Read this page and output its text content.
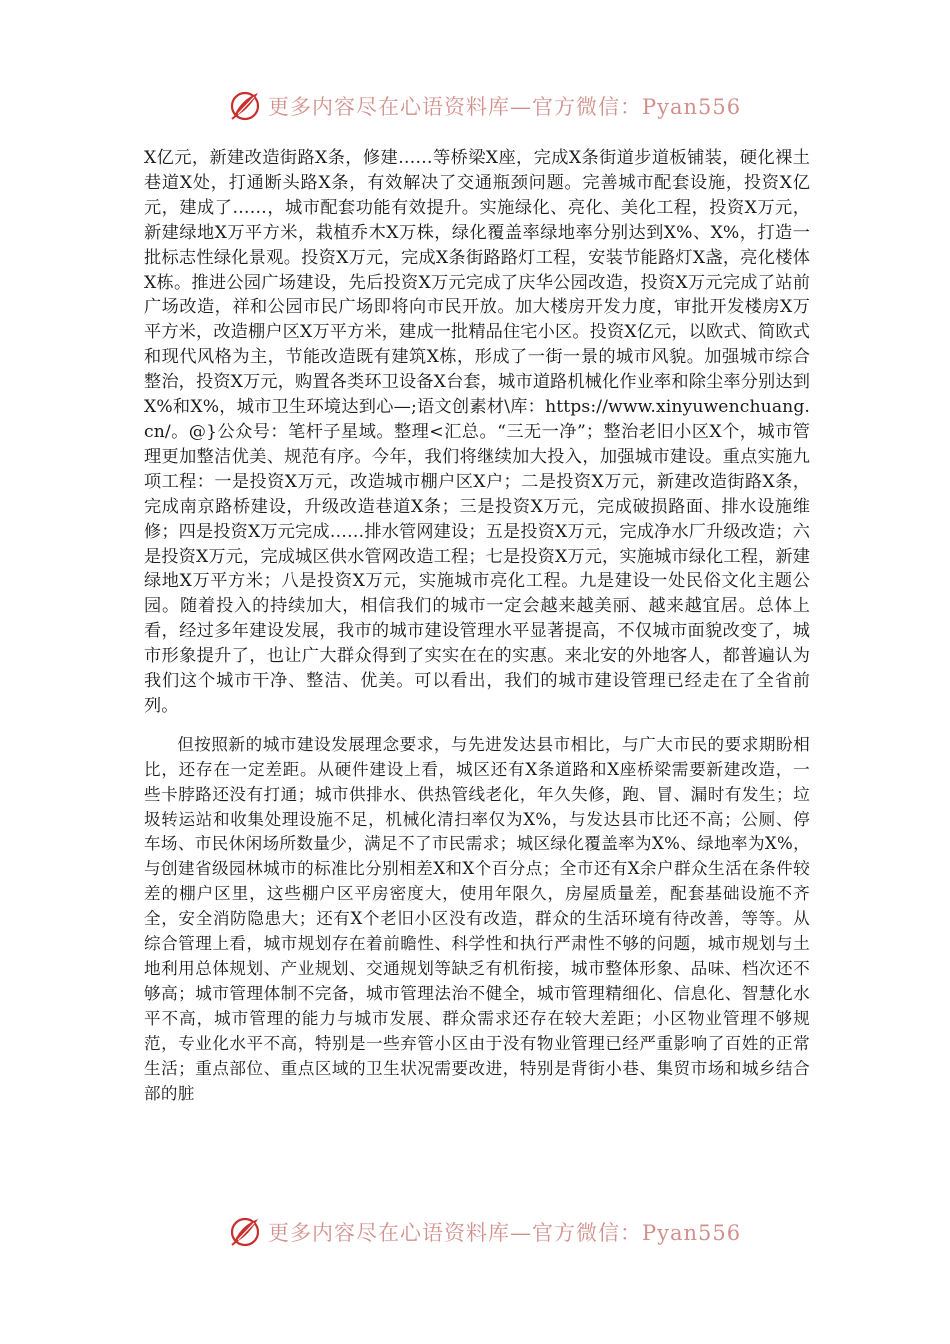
更多内容尽在心语资料库—官方微信：Pyan556

X亿元，新建改造街路X条，修建……等桥梁X座，完成X条街道步道板铺装，硬化裸土巷道X处，打通断头路X条，有效解决了交通瓶颈问题。完善城市配套设施，投资X亿元，建成了……，城市配套功能有效提升。实施绿化、亮化、美化工程，投资X万元，新建绿地X万平方米，栽植乔木X万株，绿化覆盖率绿地率分别达到X%、X%，打造一批标志性绿化景观。投资X万元，完成X条街路路灯工程，安装节能路灯X盏，亮化楼体X栋。推进公园广场建设，先后投资X万元完成了庆华公园改造，投资X万元完成了站前广场改造，祥和公园市民广场即将向市民开放。加大楼房开发力度，审批开发楼房X万平方米，改造棚户区X万平方米，建成一批精品住宅小区。投资X亿元，以欧式、简欧式和现代风格为主，节能改造既有建筑X栋，形成了一街一景的城市风貌。加强城市综合整治，投资X万元，购置各类环卫设备X台套，城市道路机械化作业率和除尘率分别达到X%和X%，城市卫生环境达到心—;语文创素材\库：https://www.xinyuwenchuang.cn/。@}公众号：笔杆子星域。整理<汇总。“三无一净”；整治老旧小区X个，城市管理更加整洁优美、规范有序。今年，我们将继续加大投入，加强城市建设。重点实施九项工程：一是投资X万元，改造城市棚户区X户；二是投资X万元，新建改造街路X条，完成南京路桥建设，升级改造巷道X条；三是投资X万元，完成破损路面、排水设施维修；四是投资X万元完成……排水管网建设；五是投资X万元，完成净水厂升级改造；六是投资X万元，完成城区供水管网改造工程；七是投资X万元，实施城市绿化工程，新建绿地X万平方米；八是投资X万元，实施城市亮化工程。九是建设一处民俗文化主题公园。随着投入的持续加大，相信我们的城市一定会越来越美丽、越来越宜居。总体上看，经过多年建设发展，我市的城市建设管理水平显著提高，不仅城市面貌改变了，城市形象提升了，也让广大群众得到了实实在在的实惠。来北安的外地客人，都普遍认为我们这个城市干净、整洁、优美。可以看出，我们的城市建设管理已经走在了全省前列。

但按照新的城市建设发展理念要求，与先进发达县市相比，与广大市民的要求期盼相比，还存在一定差距。从硬件建设上看，城区还有X条道路和X座桥梁需要新建改造，一些卡脖路还没有打通；城市供排水、供热管线老化，年久失修，跑、冒、漏时有发生；垃圾转运站和收集处理设施不足，机械化清扫率仅为X%，与发达县市比还不高；公厕、停车场、市民休闲场所数量少，满足不了市民需求；城区绿化覆盖率为X%、绿地率为X%，与创建省级园林城市的标准比分别相差X和X个百分点；全市还有X余户群众生活在条件较差的棚户区里，这些棚户区平房密度大，使用年限久，房屋质量差，配套基础设施不齐全，安全消防隐患大；还有X个老旧小区没有改造，群众的生活环境有待改善，等等。从综合管理上看，城市规划存在着前瞻性、科学性和执行严肃性不够的问题，城市规划与土地利用总体规划、产业规划、交通规划等缺乏有机衔接，城市整体形象、品味、档次还不够高；城市管理体制不完备，城市管理法治不健全，城市管理精细化、信息化、智慧化水平不高，城市管理的能力与城市发展、群众需求还存在较大差距；小区物业管理不够规范，专业化水平不高，特别是一些弃管小区由于没有物业管理已经严重影响了百姓的正常生活；重点部位、重点区域的卫生状况需要改进，特别是背街小巷、集贸市场和城乡结合部的脏

更多内容尽在心语资料库—官方微信：Pyan556
